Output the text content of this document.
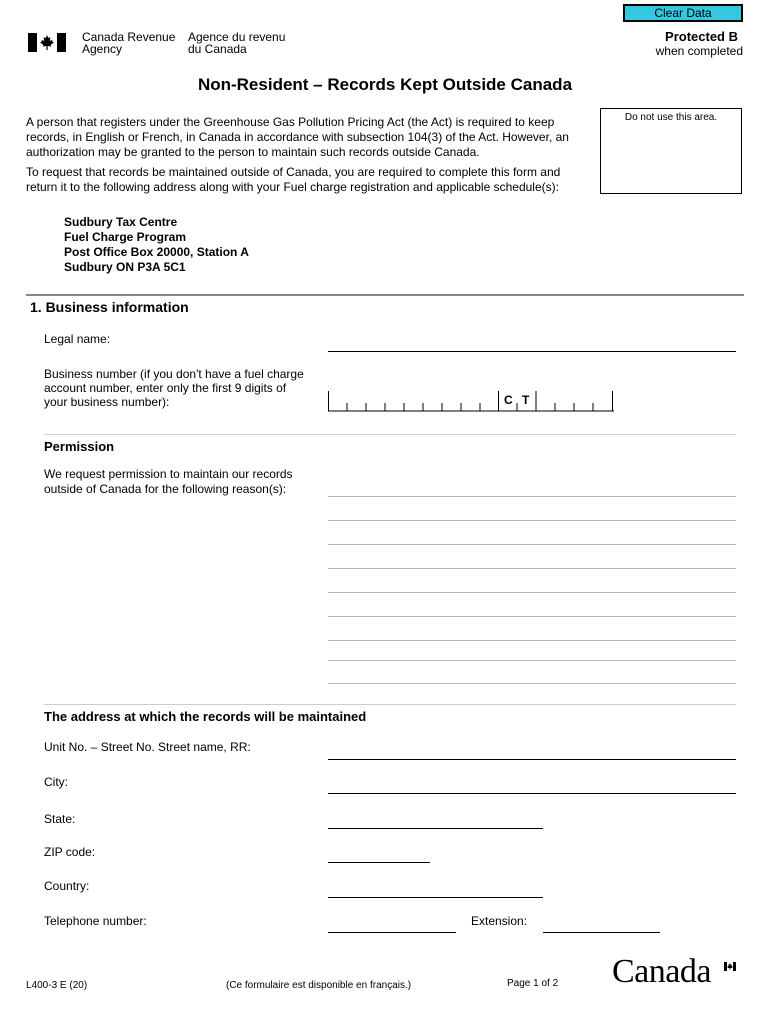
Clear Data
Canada Revenue
Agency
Agence du revenu
du Canada
Protected B
when completed
Non-Resident – Records Kept Outside Canada
Do not use this area.
A person that registers under the Greenhouse Gas Pollution Pricing Act (the Act) is required to keep records, in English or French, in Canada in accordance with subsection 104(3) of the Act. However, an authorization may be granted to the person to maintain such records outside Canada.
To request that records be maintained outside of Canada, you are required to complete this form and return it to the following address along with your Fuel charge registration and applicable schedule(s):
Sudbury Tax Centre
Fuel Charge Program
Post Office Box 20000, Station A
Sudbury ON P3A 5C1
1. Business information
Legal name:
Business number (if you don't have a fuel charge account number, enter only the first 9 digits of your business number):	C T
Permission
We request permission to maintain our records outside of Canada for the following reason(s):
The address at which the records will be maintained
Unit No. – Street No. Street name, RR:
City:
State:
ZIP code:
Country:
Telephone number:	Extension:
L400-3 E (20)	(Ce formulaire est disponible en français.)	Page 1 of 2 Canada
